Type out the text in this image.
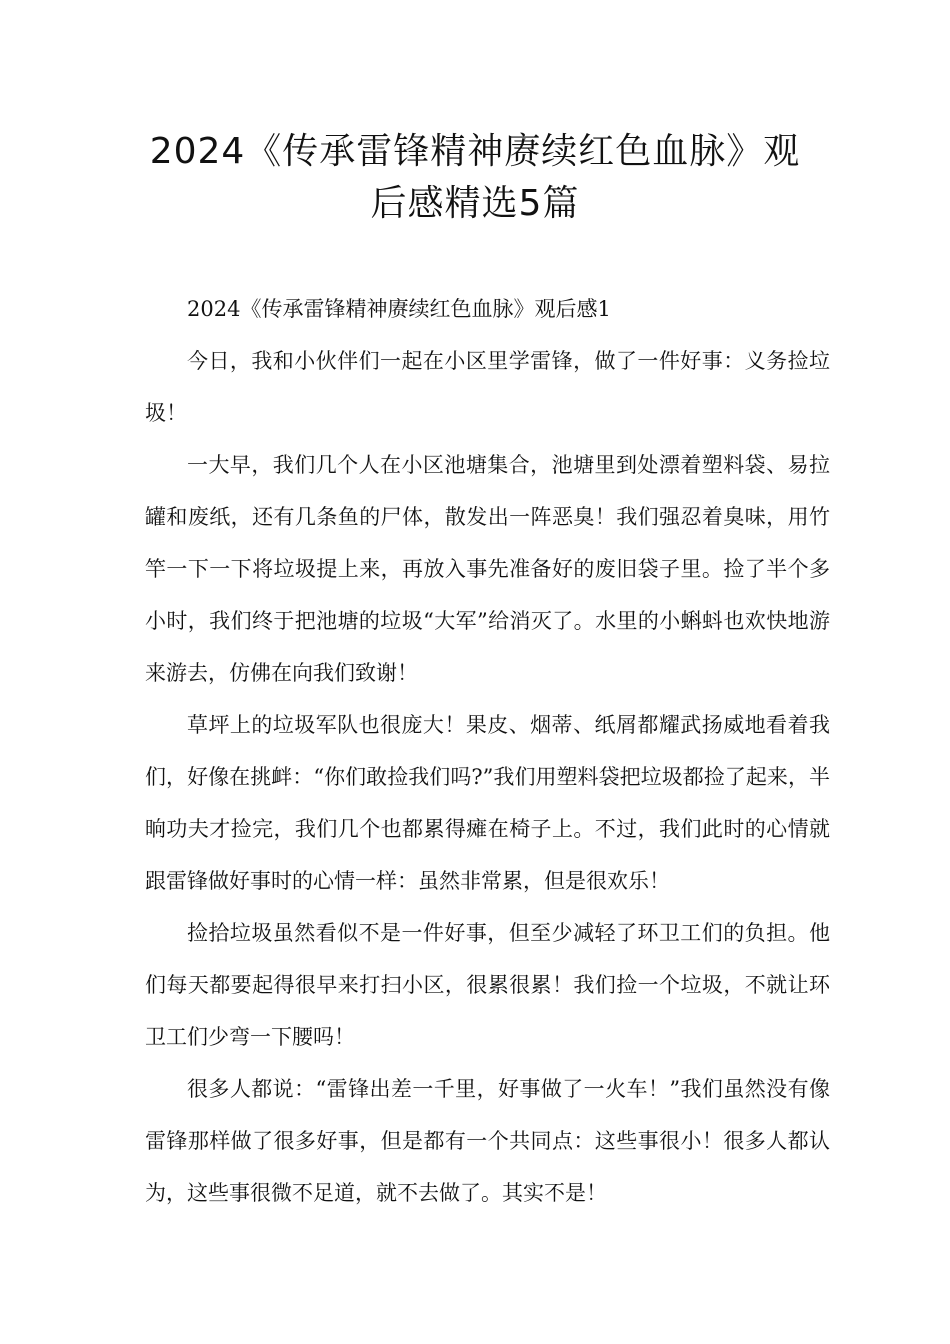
2024《传承雷锋精神赓续红色血脉》观
后感精选5篇

2024《传承雷锋精神赓续红色血脉》观后感1

今日，我和小伙伴们一起在小区里学雷锋，做了一件好事：义务捡垃圾！

一大早，我们几个人在小区池塘集合，池塘里到处漂着塑料袋、易拉罐和废纸，还有几条鱼的尸体，散发出一阵恶臭！我们强忍着臭味，用竹竿一下一下将垃圾提上来，再放入事先准备好的废旧袋子里。捡了半个多小时，我们终于把池塘的垃圾“大军”给消灭了。水里的小蝌蚪也欢快地游来游去，仿佛在向我们致谢！

草坪上的垃圾军队也很庞大！果皮、烟蒂、纸屑都耀武扬威地看着我们，好像在挑衅：“你们敢捡我们吗?”我们用塑料袋把垃圾都捡了起来，半晌功夫才捡完，我们几个也都累得瘫在椅子上。不过，我们此时的心情就跟雷锋做好事时的心情一样：虽然非常累，但是很欢乐！

捡拾垃圾虽然看似不是一件好事，但至少减轻了环卫工们的负担。他们每天都要起得很早来打扫小区，很累很累！我们捡一个垃圾，不就让环卫工们少弯一下腰吗！

很多人都说：“雷锋出差一千里，好事做了一火车！”我们虽然没有像雷锋那样做了很多好事，但是都有一个共同点：这些事很小！很多人都认为，这些事很微不足道，就不去做了。其实不是！
